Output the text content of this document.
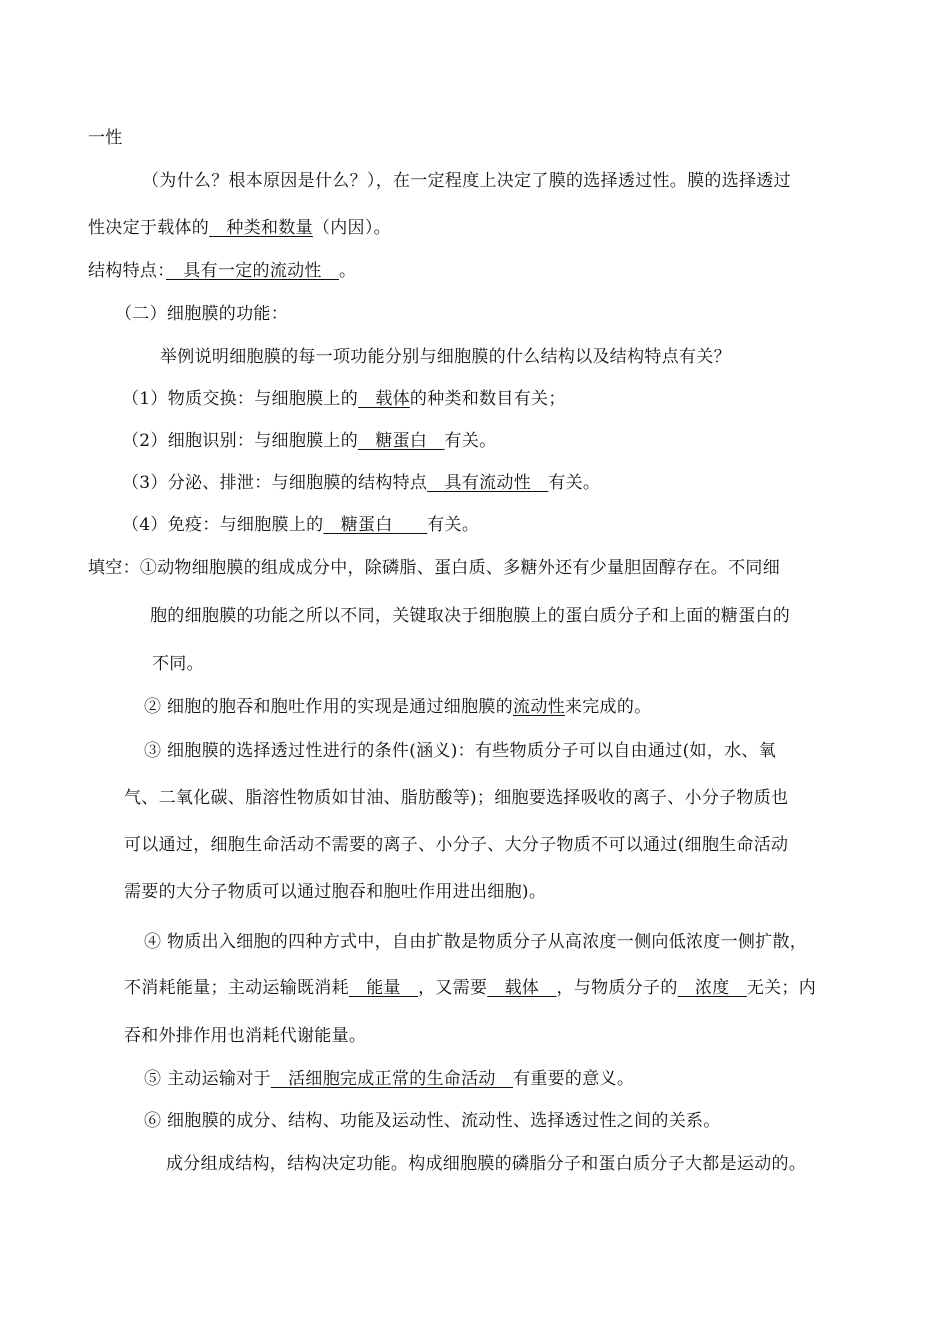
一性
（为什么？根本原因是什么？），在一定程度上决定了膜的选择透过性。膜的选择透过
性决定于载体的　种类和数量（内因）。
结构特点：　具有一定的流动性　。
（二）细胞膜的功能：
举例说明细胞膜的每一项功能分别与细胞膜的什么结构以及结构特点有关？
（1）物质交换：与细胞膜上的　载体的种类和数目有关；
（2）细胞识别：与细胞膜上的　糖蛋白　有关。
（3）分泌、排泄：与细胞膜的结构特点　具有流动性　有关。
（4）免疫：与细胞膜上的　糖蛋白　　有关。
填空：①动物细胞膜的组成成分中，除磷脂、蛋白质、多糖外还有少量胆固醇存在。不同细
胞的细胞膜的功能之所以不同，关键取决于细胞膜上的蛋白质分子和上面的糖蛋白的
不同。
② 细胞的胞吞和胞吐作用的实现是通过细胞膜的流动性来完成的。
③ 细胞膜的选择透过性进行的条件(涵义)：有些物质分子可以自由通过(如，水、氧
气、二氧化碳、脂溶性物质如甘油、脂肪酸等)；细胞要选择吸收的离子、小分子物质也
可以通过，细胞生命活动不需要的离子、小分子、大分子物质不可以通过(细胞生命活动
需要的大分子物质可以通过胞吞和胞吐作用进出细胞)。
④ 物质出入细胞的四种方式中，自由扩散是物质分子从高浓度一侧向低浓度一侧扩散，
不消耗能量；主动运输既消耗　能量　，又需要　载体　，与物质分子的　浓度　无关；内
吞和外排作用也消耗代谢能量。
⑤ 主动运输对于　活细胞完成正常的生命活动　有重要的意义。
⑥ 细胞膜的成分、结构、功能及运动性、流动性、选择透过性之间的关系。
成分组成结构，结构决定功能。构成细胞膜的磷脂分子和蛋白质分子大都是运动的。
